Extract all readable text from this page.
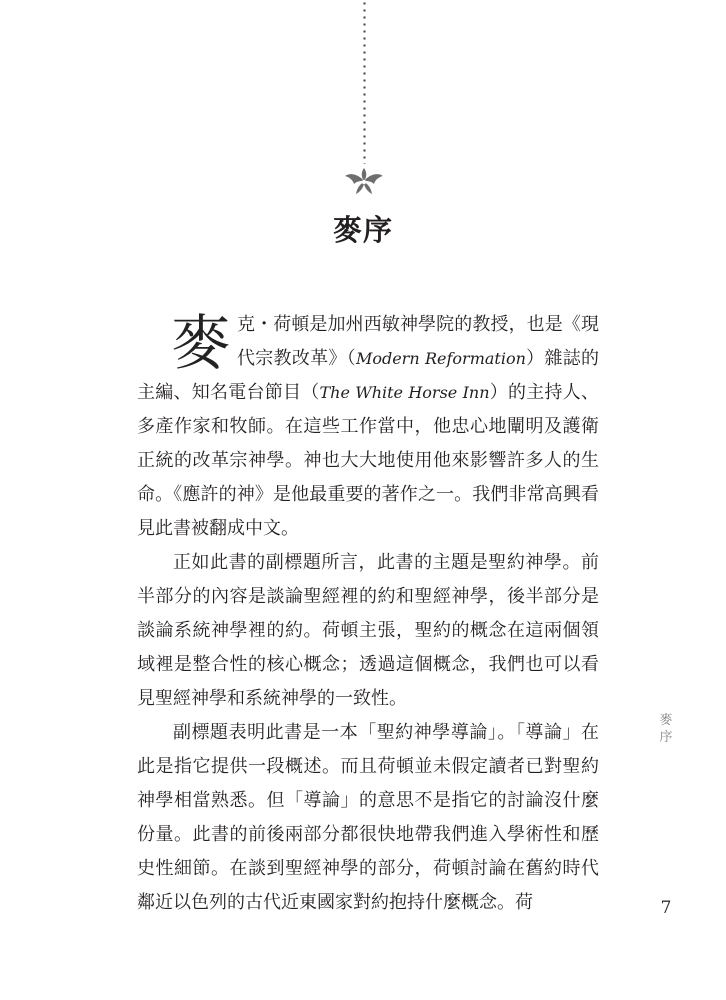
麥序

麥克・荷頓是加州西敏神學院的教授，也是《現代宗教改革》（Modern Reformation）雜誌的主編、知名電台節目（The White Horse Inn）的主持人、多產作家和牧師。在這些工作當中，他忠心地闡明及護衛正統的改革宗神學。神也大大地使用他來影響許多人的生命。《應許的神》是他最重要的著作之一。我們非常高興看見此書被翻成中文。

正如此書的副標題所言，此書的主題是聖約神學。前半部分的內容是談論聖經裡的約和聖經神學，後半部分是談論系統神學裡的約。荷頓主張，聖約的概念在這兩個領域裡是整合性的核心概念；透過這個概念，我們也可以看見聖經神學和系統神學的一致性。

副標題表明此書是一本「聖約神學導論」。「導論」在此是指它提供一段概述。而且荷頓並未假定讀者已對聖約神學相當熟悉。但「導論」的意思不是指它的討論沒什麼份量。此書的前後兩部分都很快地帶我們進入學術性和歷史性細節。在談到聖經神學的部分，荷頓討論在舊約時代鄰近以色列的古代近東國家對約抱持什麼概念。荷

麥序
7
